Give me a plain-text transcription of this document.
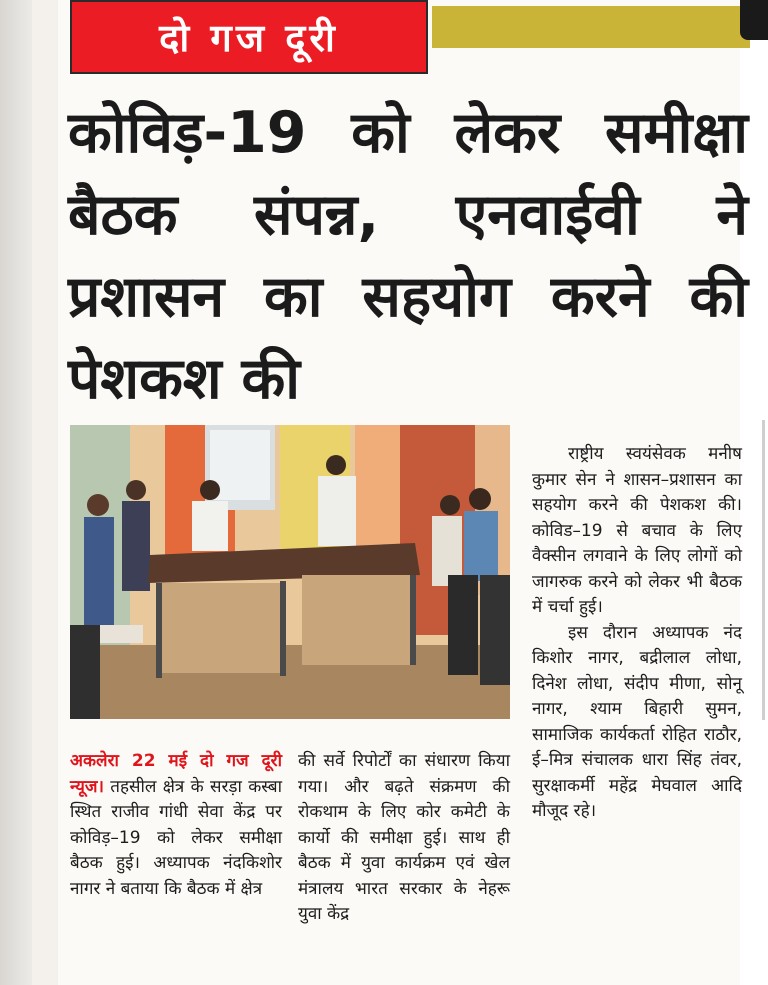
दो गज दूरी
कोविड़-19 को लेकर समीक्षा बैठक संपन्न, एनवाईवी ने प्रशासन का सहयोग करने की पेशकश की

अकलेरा 22 मई दो गज दूरी न्यूज। तहसील क्षेत्र के सरड़ा कस्बा स्थित राजीव गांधी सेवा केंद्र पर कोविड़–19 को लेकर समीक्षा बैठक हुई। अध्यापक नंदकिशोर नागर ने बताया कि बैठक में क्षेत्र

की सर्वे रिपोर्टों का संधारण किया गया। और बढ़ते संक्रमण की रोकथाम के लिए कोर कमेटी के कार्यो की समीक्षा हुई। साथ ही बैठक में युवा कार्यक्रम एवं खेल मंत्रालय भारत सरकार के नेहरू युवा केंद्र

राष्ट्रीय स्वयंसेवक मनीष कुमार सेन ने शासन–प्रशासन का सहयोग करने की पेशकश की। कोविड–19 से बचाव के लिए वैक्सीन लगवाने के लिए लोगों को जागरुक करने को लेकर भी बैठक में चर्चा हुई।

इस दौरान अध्यापक नंद किशोर नागर, बद्रीलाल लोधा, दिनेश लोधा, संदीप मीणा, सोनू नागर, श्याम बिहारी सुमन, सामाजिक कार्यकर्ता रोहित राठौर, ई–मित्र संचालक धारा सिंह तंवर, सुरक्षाकर्मी महेंद्र मेघवाल आदि मौजूद रहे।
